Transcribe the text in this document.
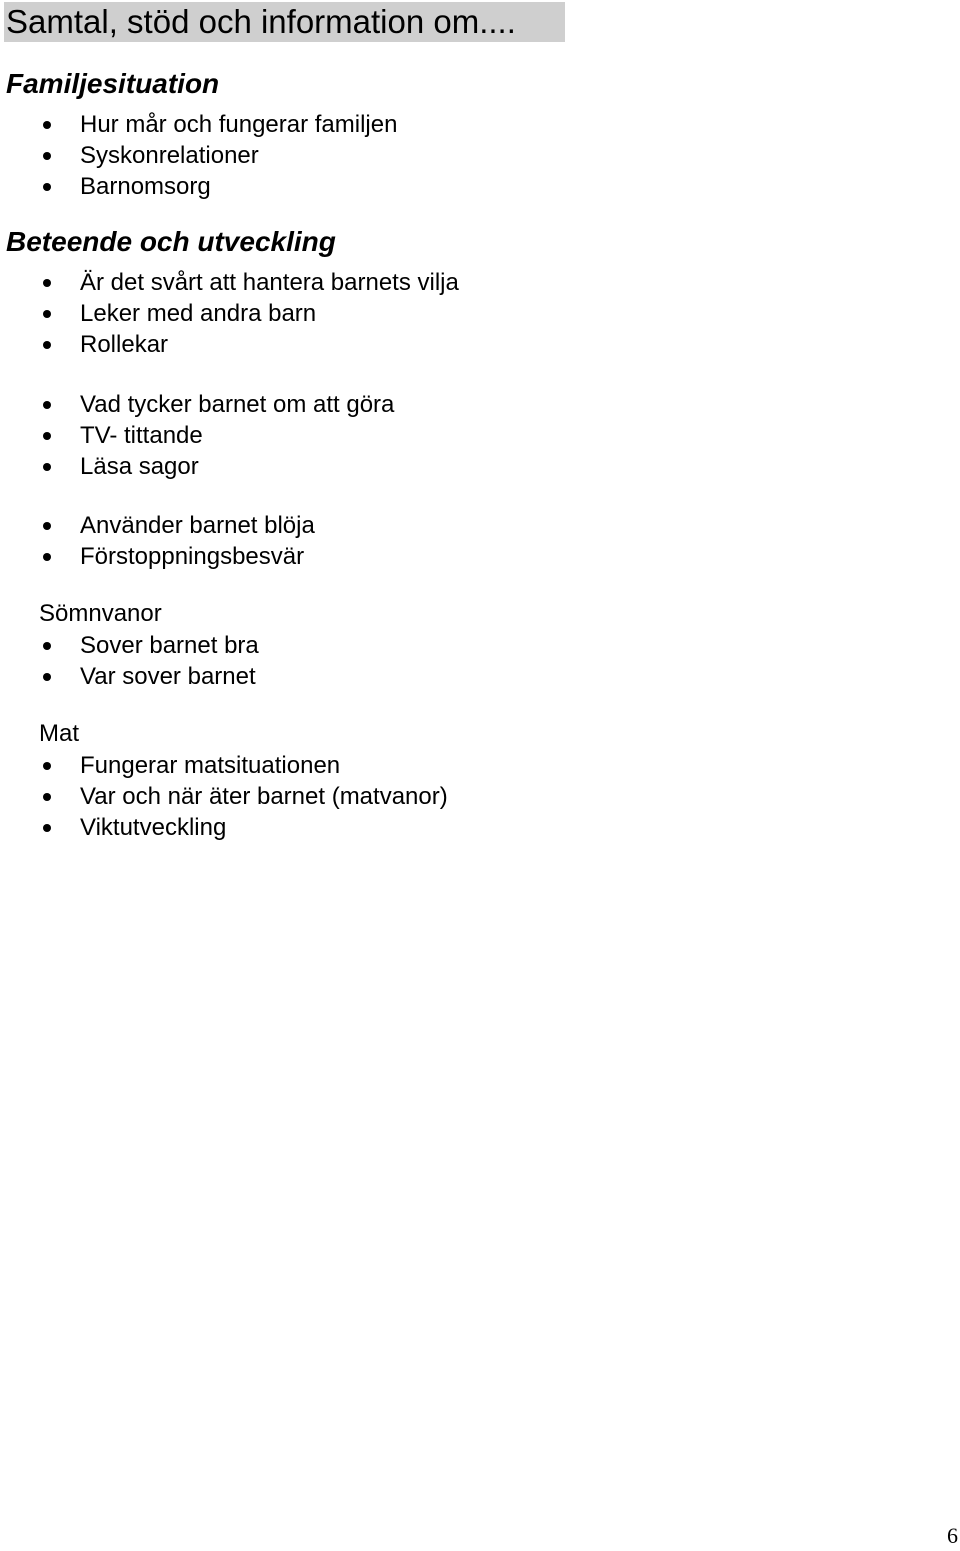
Samtal, stöd och information om....
Familjesituation
Hur mår och fungerar familjen
Syskonrelationer
Barnomsorg
Beteende och utveckling
Är det svårt att hantera barnets vilja
Leker med andra barn
Rollekar
Vad tycker barnet om att göra
TV- tittande
Läsa sagor
Använder barnet blöja
Förstoppningsbesvär
Sömnvanor
Sover barnet bra
Var sover barnet
Mat
Fungerar matsituationen
Var och när äter barnet (matvanor)
Viktutveckling
6
